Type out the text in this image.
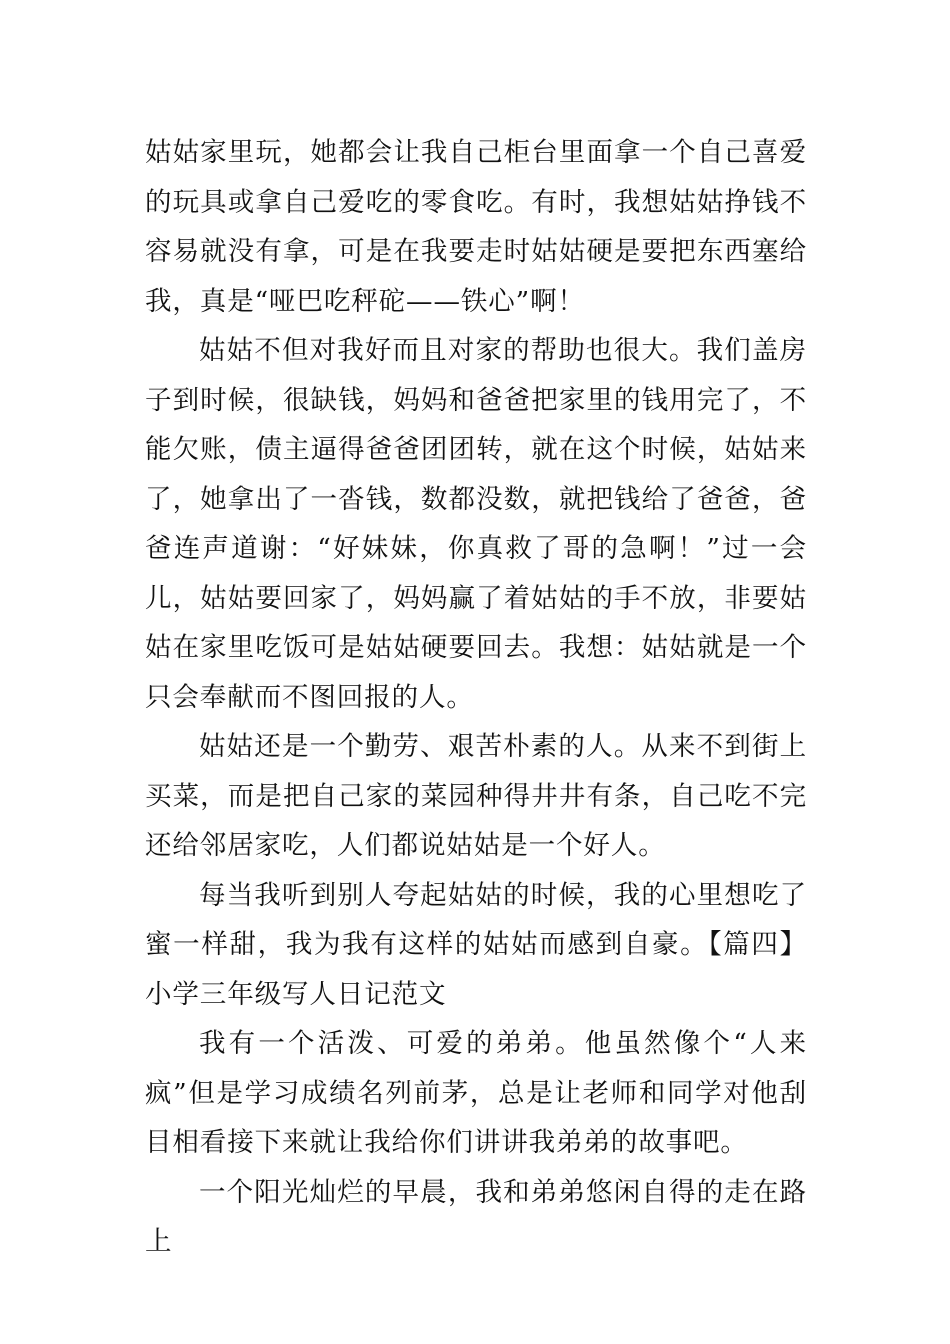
姑姑家里玩，她都会让我自己柜台里面拿一个自己喜爱的玩具或拿自己爱吃的零食吃。有时，我想姑姑挣钱不容易就没有拿，可是在我要走时姑姑硬是要把东西塞给我，真是“哑巴吃秤砣——铁心”啊！

姑姑不但对我好而且对家的帮助也很大。我们盖房子到时候，很缺钱，妈妈和爸爸把家里的钱用完了，不能欠账，债主逼得爸爸团团转，就在这个时候，姑姑来了，她拿出了一沓钱，数都没数，就把钱给了爸爸，爸爸连声道谢：“好妹妹，你真救了哥的急啊！”过一会儿，姑姑要回家了，妈妈赢了着姑姑的手不放，非要姑姑在家里吃饭可是姑姑硬要回去。我想：姑姑就是一个只会奉献而不图回报的人。

姑姑还是一个勤劳、艰苦朴素的人。从来不到街上买菜，而是把自己家的菜园种得井井有条，自己吃不完还给邻居家吃，人们都说姑姑是一个好人。

每当我听到别人夸起姑姑的时候，我的心里想吃了蜜一样甜，我为我有这样的姑姑而感到自豪。【篇四】小学三年级写人日记范文

我有一个活泼、可爱的弟弟。他虽然像个“人来疯”但是学习成绩名列前茅，总是让老师和同学对他刮目相看接下来就让我给你们讲讲我弟弟的故事吧。

一个阳光灿烂的早晨，我和弟弟悠闲自得的走在路上
